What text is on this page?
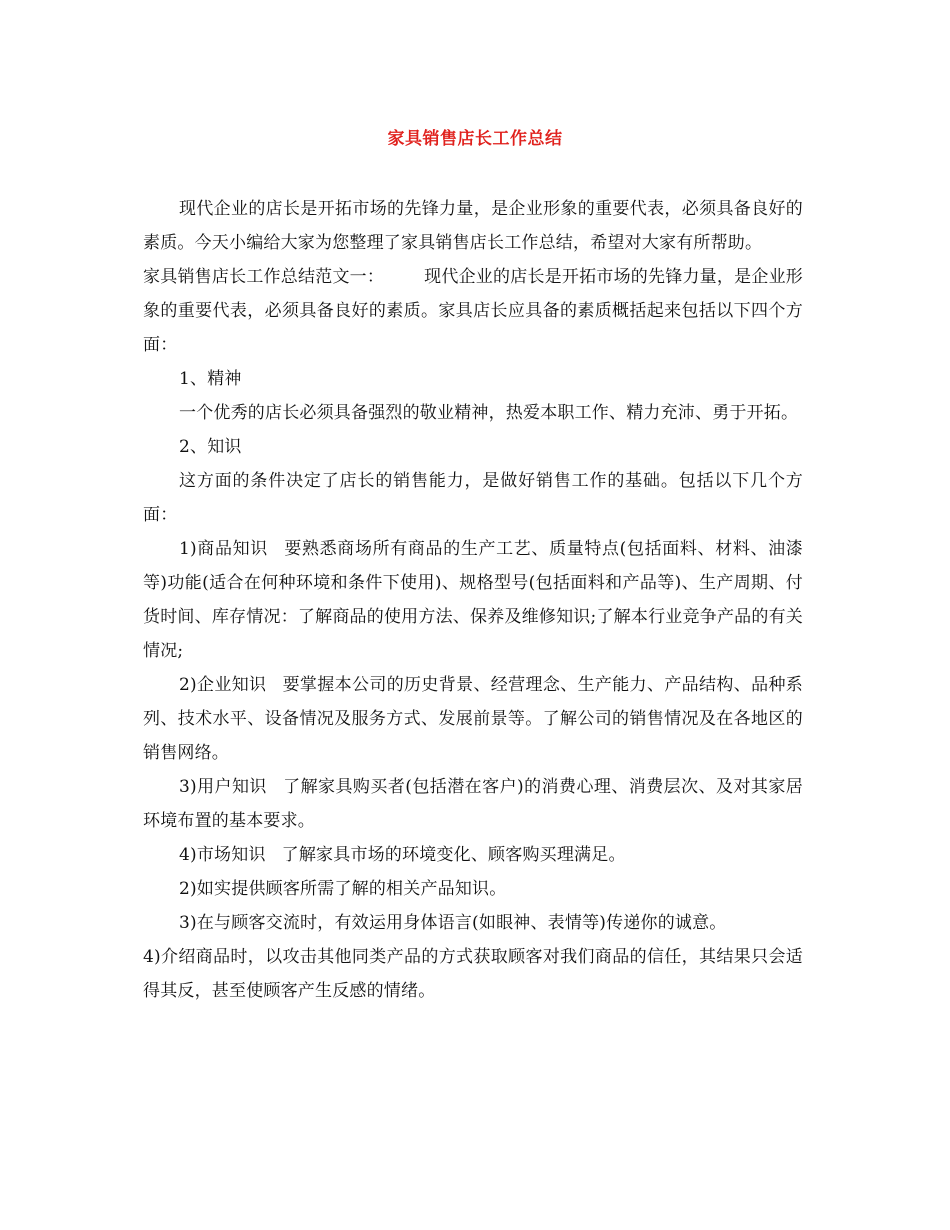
家具销售店长工作总结

现代企业的店长是开拓市场的先锋力量，是企业形象的重要代表，必须具备良好的素质。今天小编给大家为您整理了家具销售店长工作总结，希望对大家有所帮助。

家具销售店长工作总结范文一： 现代企业的店长是开拓市场的先锋力量，是企业形象的重要代表，必须具备良好的素质。家具店长应具备的素质概括起来包括以下四个方面：

1、精神

一个优秀的店长必须具备强烈的敬业精神，热爱本职工作、精力充沛、勇于开拓。

2、知识

这方面的条件决定了店长的销售能力，是做好销售工作的基础。包括以下几个方面：

1)商品知识 要熟悉商场所有商品的生产工艺、质量特点(包括面料、材料、油漆等)功能(适合在何种环境和条件下使用)、规格型号(包括面料和产品等)、生产周期、付货时间、库存情况：了解商品的使用方法、保养及维修知识;了解本行业竞争产品的有关情况;

2)企业知识 要掌握本公司的历史背景、经营理念、生产能力、产品结构、品种系列、技术水平、设备情况及服务方式、发展前景等。了解公司的销售情况及在各地区的销售网络。

3)用户知识 了解家具购买者(包括潜在客户)的消费心理、消费层次、及对其家居环境布置的基本要求。

4)市场知识 了解家具市场的环境变化、顾客购买理满足。

2)如实提供顾客所需了解的相关产品知识。

3)在与顾客交流时，有效运用身体语言(如眼神、表情等)传递你的诚意。

4)介绍商品时，以攻击其他同类产品的方式获取顾客对我们商品的信任，其结果只会适得其反，甚至使顾客产生反感的情绪。
